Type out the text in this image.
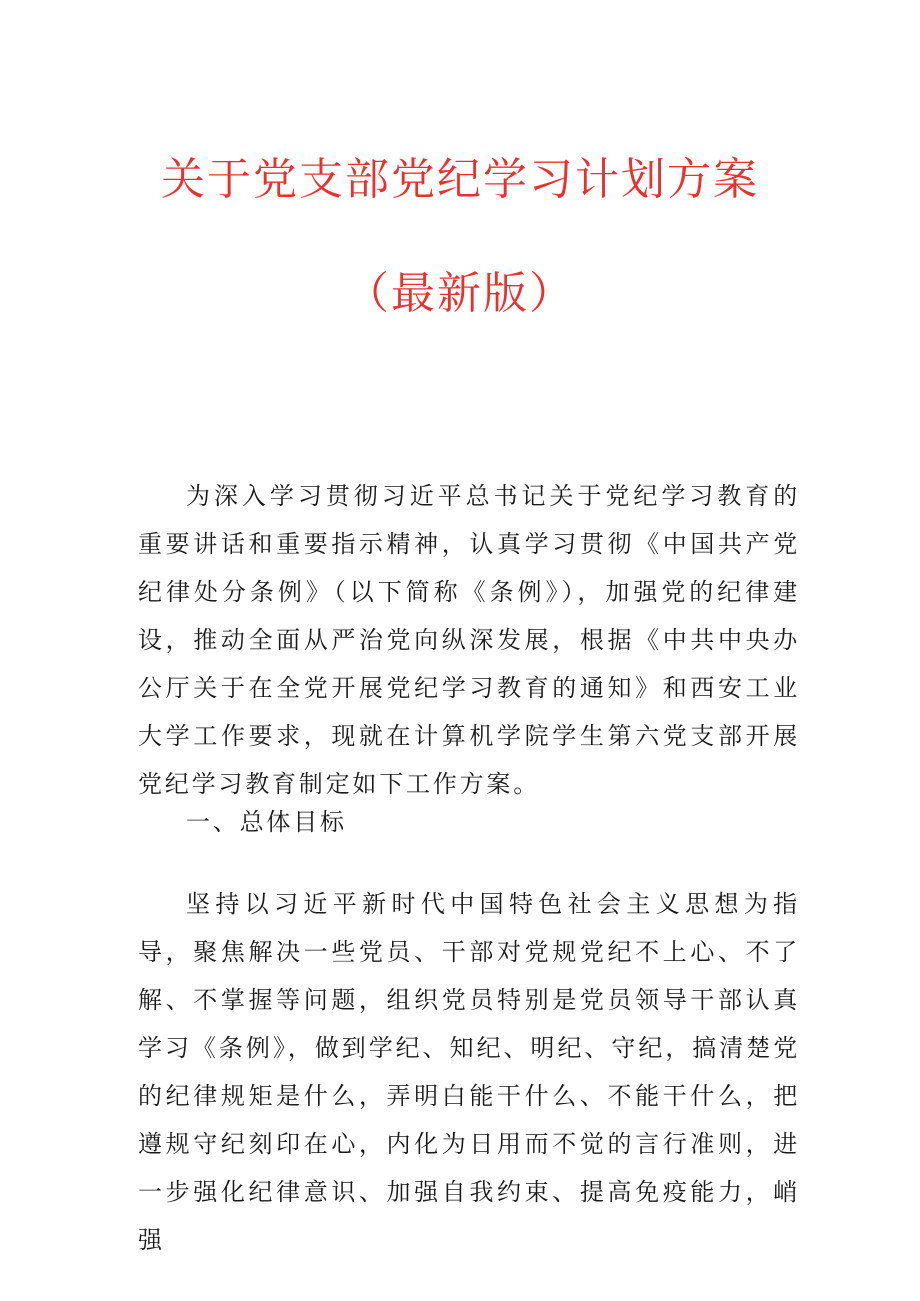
关于党支部党纪学习计划方案
（最新版）

为深入学习贯彻习近平总书记关于党纪学习教育的重要讲话和重要指示精神，认真学习贯彻《中国共产党纪律处分条例》（以下简称《条例》），加强党的纪律建设，推动全面从严治党向纵深发展，根据《中共中央办公厅关于在全党开展党纪学习教育的通知》和西安工业大学工作要求，现就在计算机学院学生第六党支部开展党纪学习教育制定如下工作方案。

一、总体目标

坚持以习近平新时代中国特色社会主义思想为指导，聚焦解决一些党员、干部对党规党纪不上心、不了解、不掌握等问题，组织党员特别是党员领导干部认真学习《条例》，做到学纪、知纪、明纪、守纪，搞清楚党的纪律规矩是什么，弄明白能干什么、不能干什么，把遵规守纪刻印在心，内化为日用而不觉的言行准则，进一步强化纪律意识、加强自我约束、提高免疫能力，峭强
